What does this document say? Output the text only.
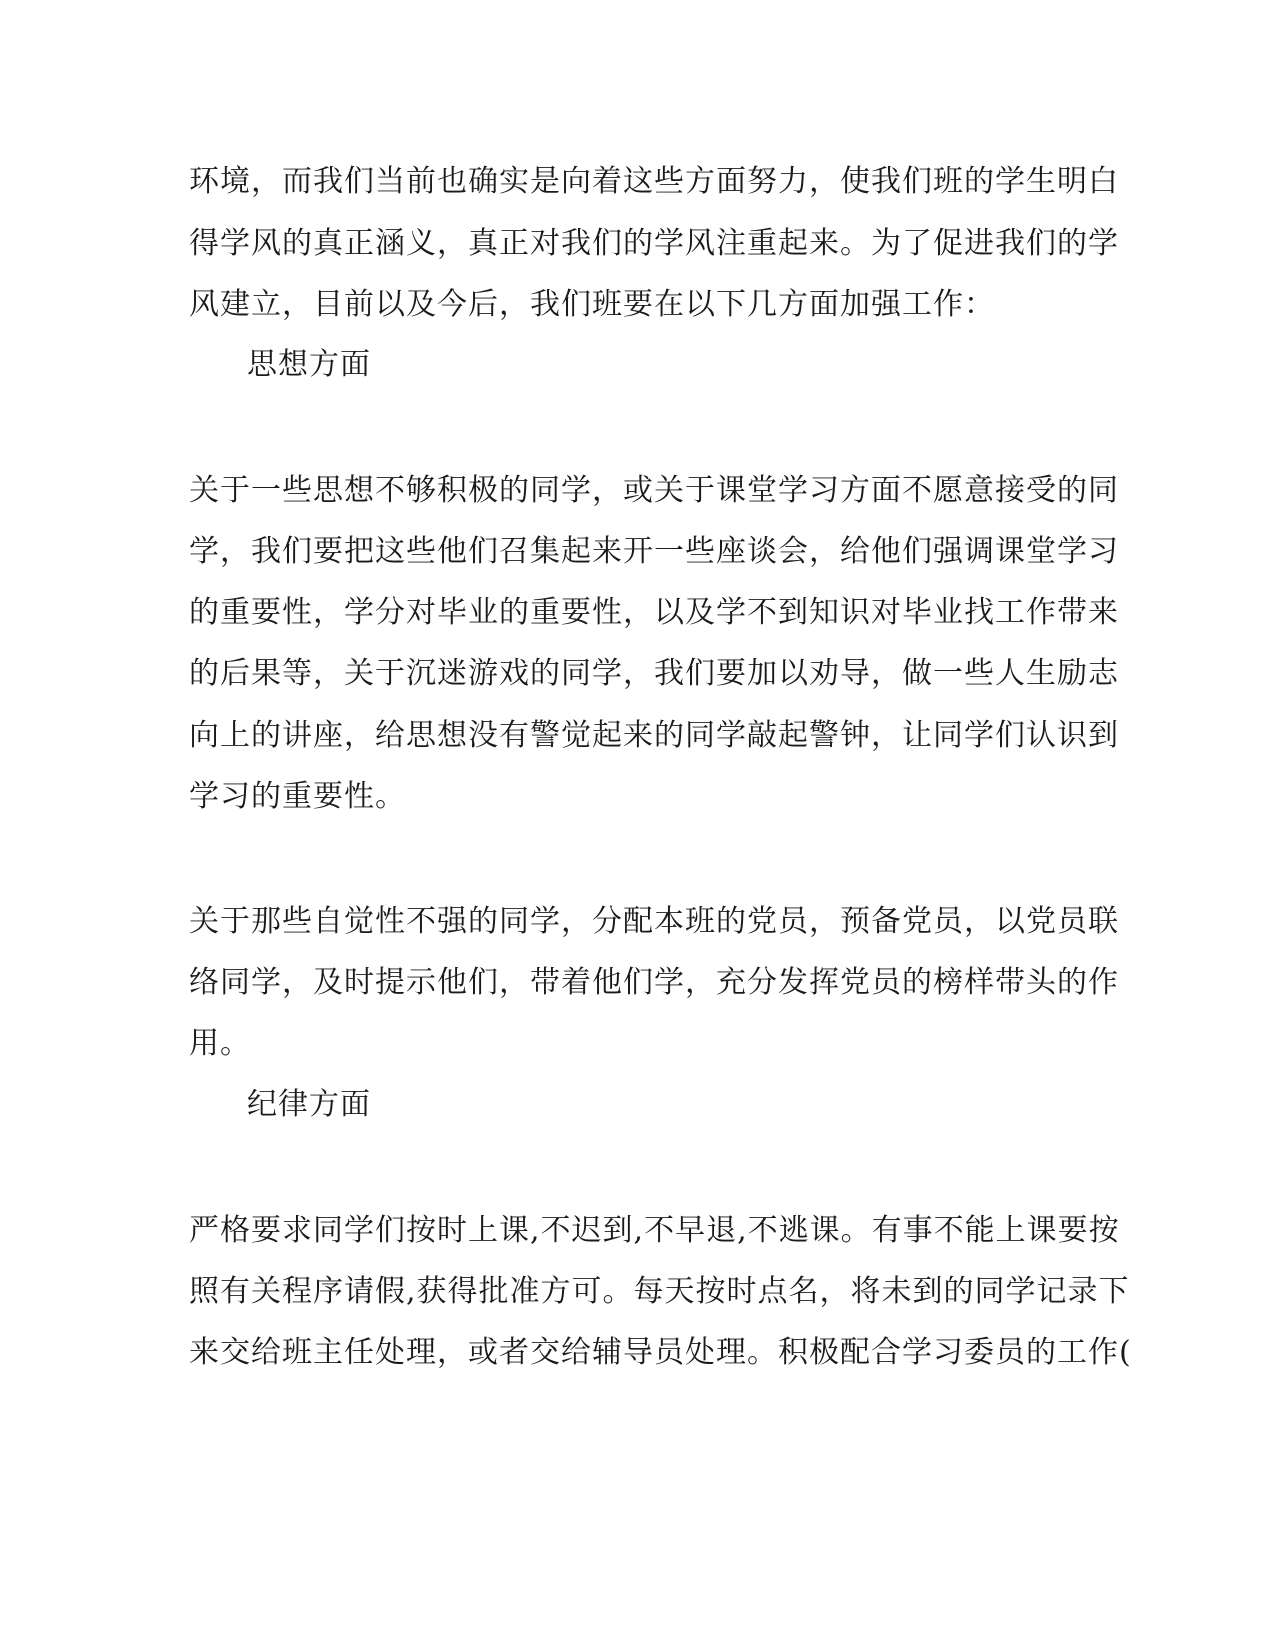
环境，而我们当前也确实是向着这些方面努力，使我们班的学生明白
得学风的真正涵义，真正对我们的学风注重起来。为了促进我们的学
风建立，目前以及今后，我们班要在以下几方面加强工作：
思想方面
关于一些思想不够积极的同学，或关于课堂学习方面不愿意接受的同
学，我们要把这些他们召集起来开一些座谈会，给他们强调课堂学习
的重要性，学分对毕业的重要性，以及学不到知识对毕业找工作带来
的后果等，关于沉迷游戏的同学，我们要加以劝导，做一些人生励志
向上的讲座，给思想没有警觉起来的同学敲起警钟，让同学们认识到
学习的重要性。
关于那些自觉性不强的同学，分配本班的党员，预备党员，以党员联
络同学，及时提示他们，带着他们学，充分发挥党员的榜样带头的作
用。
纪律方面
严格要求同学们按时上课,不迟到,不早退,不逃课。有事不能上课要按
照有关程序请假,获得批准方可。每天按时点名，将未到的同学记录下
来交给班主任处理，或者交给辅导员处理。积极配合学习委员的工作(
